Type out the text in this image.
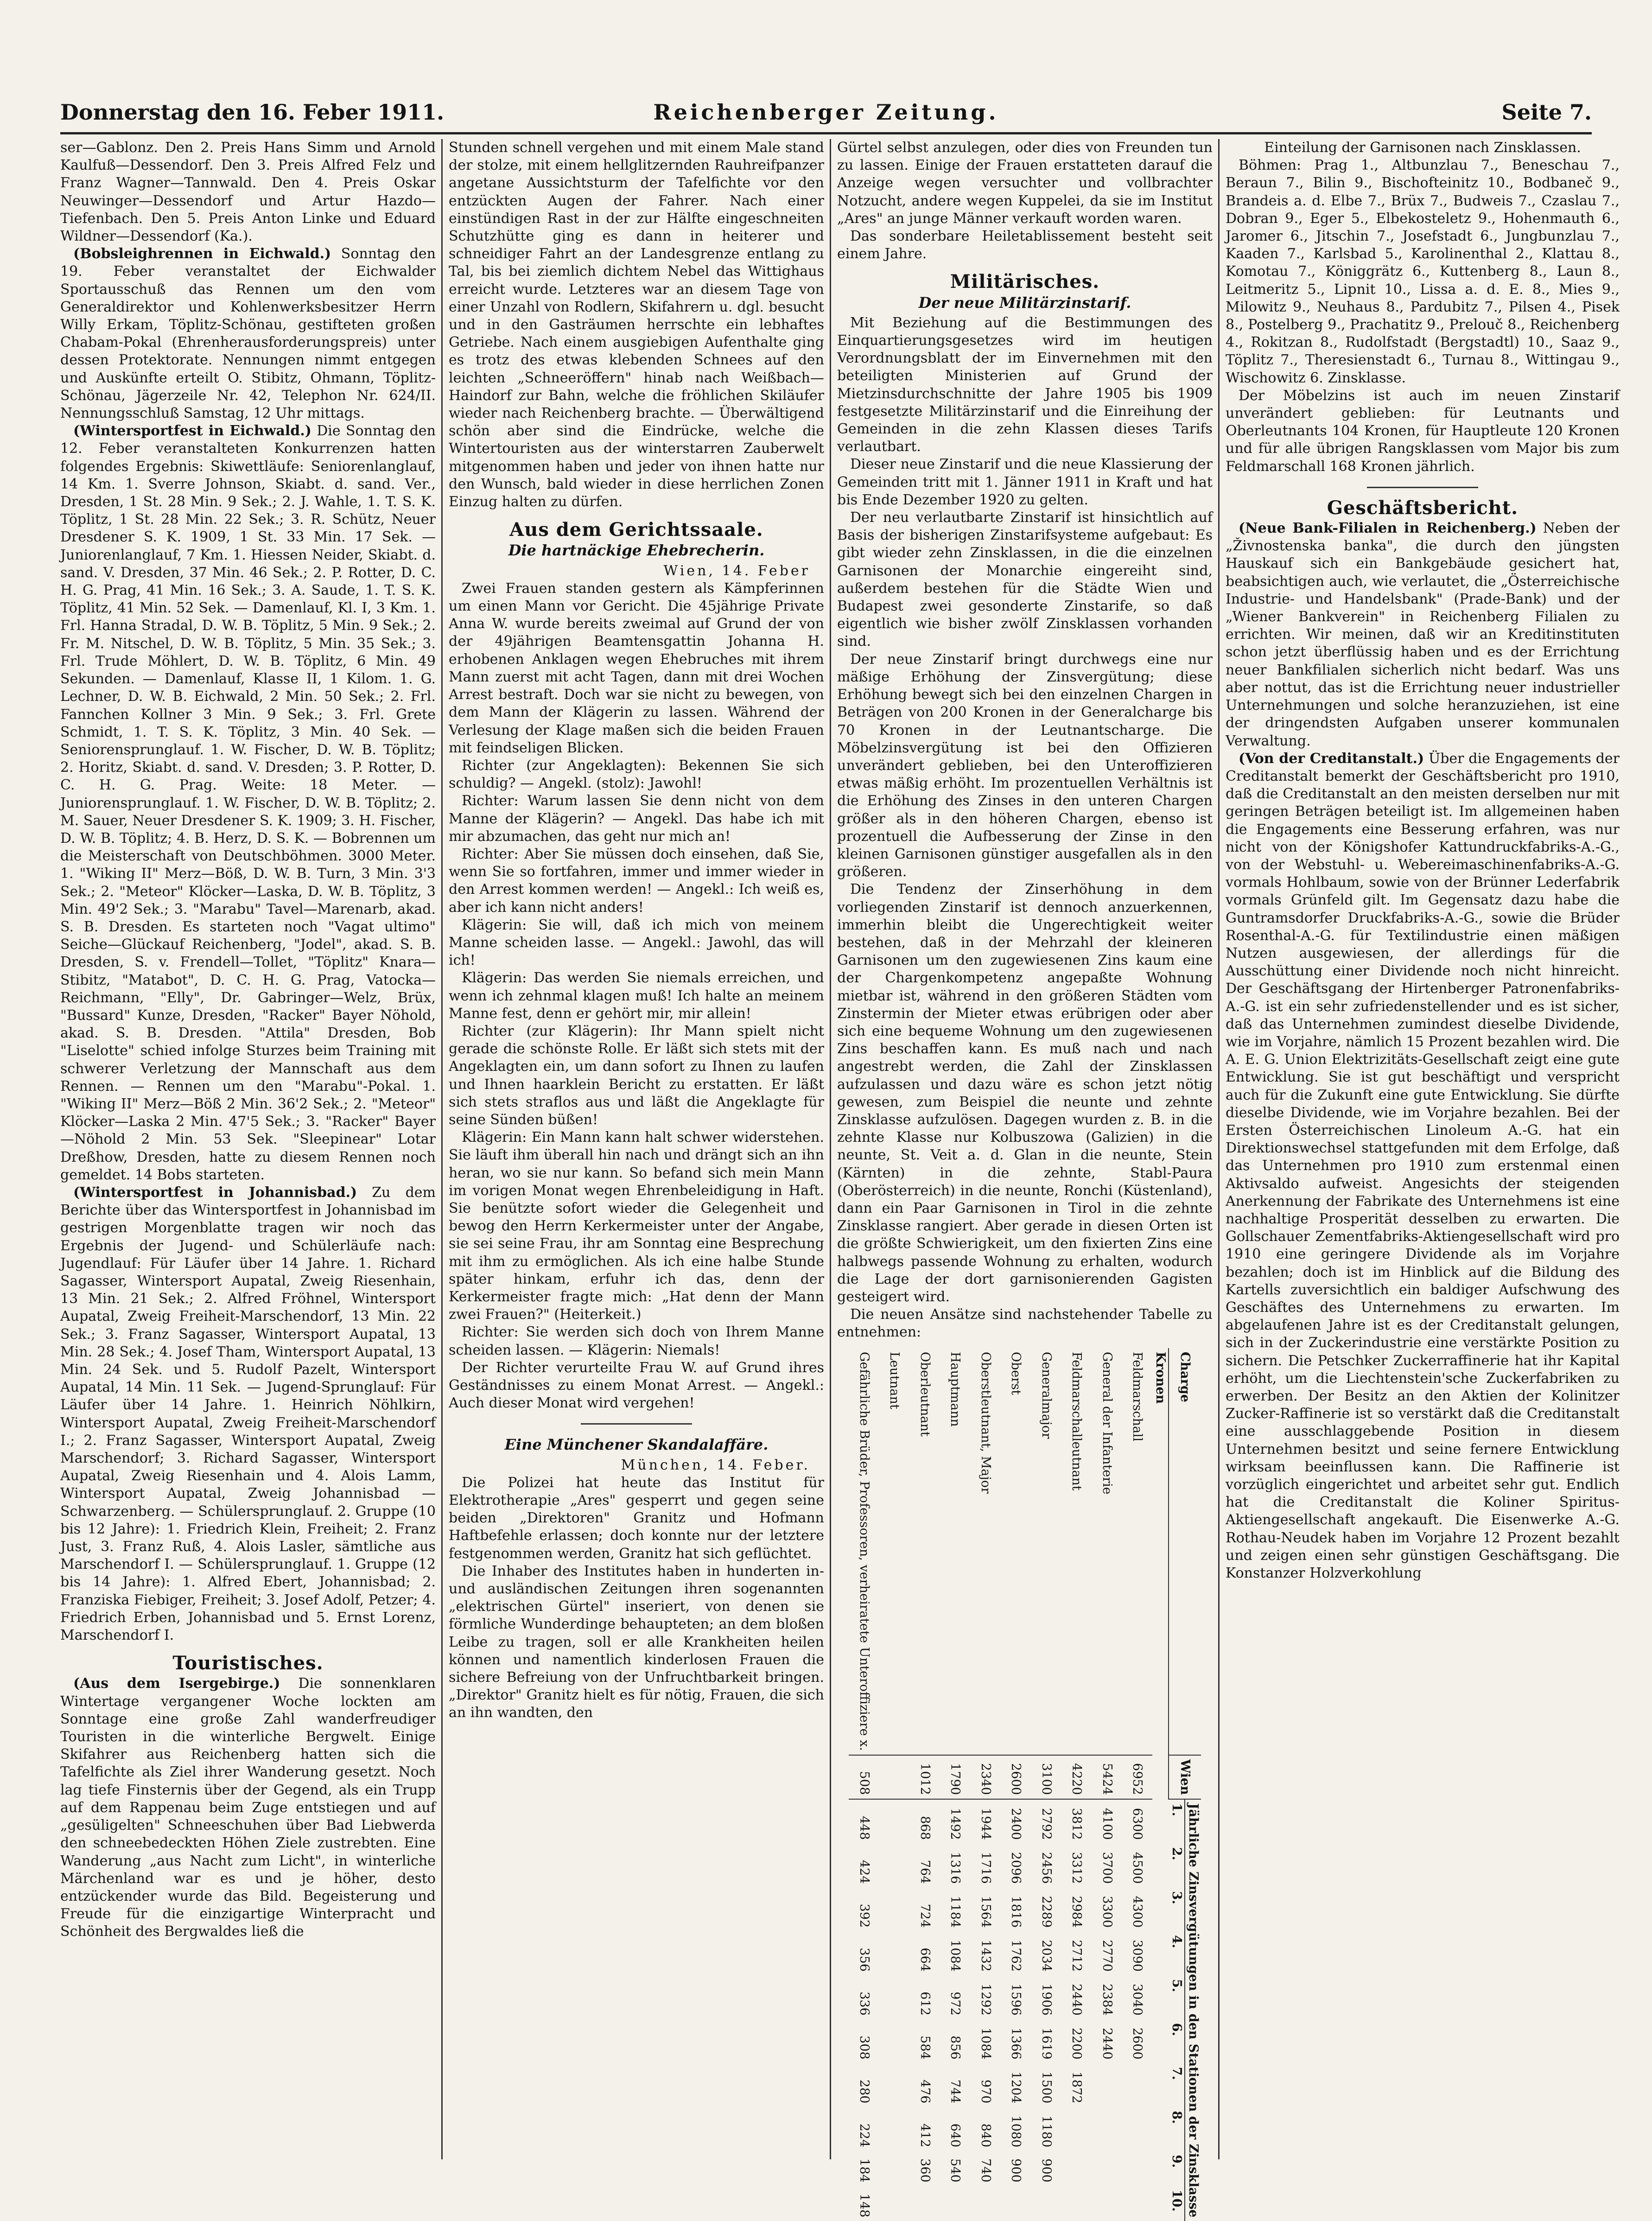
Donnerstag den 16. Feber 1911.	Reichenberger Zeitung.	Seite 7.

ser—Gablonz. Den 2. Preis Hans Simm und Arnold Kaulfuß—Dessendorf. Den 3. Preis Alfred Felz und Franz Wagner—Tannwald. Den 4. Preis Oskar Neuwinger—Dessendorf und Artur Hazdo—Tiefenbach. Den 5. Preis Anton Linke und Eduard Wildner—Dessendorf (Ka.).

(Bobsleighrennen in Eichwald.) Sonntag den 19. Feber veranstaltet der Eichwalder Sportausschuß das Rennen um den vom Generaldirektor und Kohlenwerksbesitzer Herrn Willy Erkam, Töplitz-Schönau, gestifteten großen Chabam-Pokal (Ehrenherausforderungspreis) unter dessen Protektorate. Nennungen nimmt entgegen und Auskünfte erteilt O. Stibitz, Ohmann, Töplitz-Schönau, Jägerzeile Nr. 42, Telephon Nr. 624/II. Nennungsschluß Samstag, 12 Uhr mittags.

(Wintersportfest in Eichwald.) Die Sonntag den 12. Feber veranstalteten Konkurrenzen hatten folgendes Ergebnis: Skiwettläufe: Seniorenlanglauf, 14 Km. 1. Sverre Johnson, Skiabt. d. sand. Ver., Dresden, 1 St. 28 Min. 9 Sek.; 2. J. Wahle, 1. T. S. K. Töplitz, 1 St. 28 Min. 22 Sek.; 3. R. Schütz, Neuer Dresdener S. K. 1909, 1 St. 33 Min. 17 Sek. — Juniorenlanglauf, 7 Km. 1. Hiessen Neider, Skiabt. d. sand. V. Dresden, 37 Min. 46 Sek.; 2. P. Rotter, D. C. H. G. Prag, 41 Min. 16 Sek.; 3. A. Saude, 1. T. S. K. Töplitz, 41 Min. 52 Sek. — Damenlauf, Kl. I, 3 Km. 1. Frl. Hanna Stradal, D. W. B. Töplitz, 5 Min. 9 Sek.; 2. Fr. M. Nitschel, D. W. B. Töplitz, 5 Min. 35 Sek.; 3. Frl. Trude Möhlert, D. W. B. Töplitz, 6 Min. 49 Sekunden. — Damenlauf, Klasse II, 1 Kilom. 1. G. Lechner, D. W. B. Eichwald, 2 Min. 50 Sek.; 2. Frl. Fannchen Kollner 3 Min. 9 Sek.; 3. Frl. Grete Schmidt, 1. T. S. K. Töplitz, 3 Min. 40 Sek. — Seniorensprunglauf. 1. W. Fischer, D. W. B. Töplitz; 2. Horitz, Skiabt. d. sand. V. Dresden; 3. P. Rotter, D. C. H. G. Prag. Weite: 18 Meter. — Juniorensprunglauf. 1. W. Fischer, D. W. B. Töplitz; 2. M. Sauer, Neuer Dresdener S. K. 1909; 3. H. Fischer, D. W. B. Töplitz; 4. B. Herz, D. S. K. — Bobrennen um die Meisterschaft von Deutschböhmen. 3000 Meter. 1. "Wiking II" Merz—Böß, D. W. B. Turn, 3 Min. 3'3 Sek.; 2. "Meteor" Klöcker—Laska, D. W. B. Töplitz, 3 Min. 49'2 Sek.; 3. "Marabu" Tavel—Marenarb, akad. S. B. Dresden. Es starteten noch "Vagat ultimo" Seiche—Glückauf Reichenberg, "Jodel", akad. S. B. Dresden, S. v. Frendell—Tollet, "Töplitz" Knara—Stibitz, "Matabot", D. C. H. G. Prag, Vatocka—Reichmann, "Elly", Dr. Gabringer—Welz, Brüx, "Bussard" Kunze, Dresden, "Racker" Bayer Nöhold, akad. S. B. Dresden. "Attila" Dresden, Bob "Liselotte" schied infolge Sturzes beim Training mit schwerer Verletzung der Mannschaft aus dem Rennen. — Rennen um den "Marabu"-Pokal. 1. "Wiking II" Merz—Böß 2 Min. 36'2 Sek.; 2. "Meteor" Klöcker—Laska 2 Min. 47'5 Sek.; 3. "Racker" Bayer—Nöhold 2 Min. 53 Sek. "Sleepinear" Lotar Dreßhow, Dresden, hatte zu diesem Rennen noch gemeldet. 14 Bobs starteten.

(Wintersportfest in Johannisbad.) Zu dem Berichte über das Wintersportfest in Johannisbad im gestrigen Morgenblatte tragen wir noch das Ergebnis der Jugend- und Schülerläufe nach: Jugendlauf: Für Läufer über 14 Jahre. 1. Richard Sagasser, Wintersport Aupatal, Zweig Riesenhain, 13 Min. 21 Sek.; 2. Alfred Fröhnel, Wintersport Aupatal, Zweig Freiheit-Marschendorf, 13 Min. 22 Sek.; 3. Franz Sagasser, Wintersport Aupatal, 13 Min. 28 Sek.; 4. Josef Tham, Wintersport Aupatal, 13 Min. 24 Sek. und 5. Rudolf Pazelt, Wintersport Aupatal, 14 Min. 11 Sek. — Jugend-Sprunglauf: Für Läufer über 14 Jahre. 1. Heinrich Nöhlkirn, Wintersport Aupatal, Zweig Freiheit-Marschendorf I.; 2. Franz Sagasser, Wintersport Aupatal, Zweig Marschendorf; 3. Richard Sagasser, Wintersport Aupatal, Zweig Riesenhain und 4. Alois Lamm, Wintersport Aupatal, Zweig Johannisbad — Schwarzenberg. — Schülersprunglauf. 2. Gruppe (10 bis 12 Jahre): 1. Friedrich Klein, Freiheit; 2. Franz Just, 3. Franz Ruß, 4. Alois Lasler, sämtliche aus Marschendorf I. — Schülersprunglauf. 1. Gruppe (12 bis 14 Jahre): 1. Alfred Ebert, Johannisbad; 2. Franziska Fiebiger, Freiheit; 3. Josef Adolf, Petzer; 4. Friedrich Erben, Johannisbad und 5. Ernst Lorenz, Marschendorf I.

Touristisches.

(Aus dem Isergebirge.) Die sonnenklaren Wintertage vergangener Woche lockten am Sonntage eine große Zahl wanderfreudiger Touristen in die winterliche Bergwelt. Einige Skifahrer aus Reichenberg hatten sich die Tafelfichte als Ziel ihrer Wanderung gesetzt. Noch lag tiefe Finsternis über der Gegend, als ein Trupp auf dem Rappenau beim Zuge entstiegen und auf „gesüligelten" Schneeschuhen über Bad Liebwerda den schneebedeckten Höhen Ziele zustrebten. Eine Wanderung „aus Nacht zum Licht", in winterliche Märchenland war es und je höher, desto entzückender wurde das Bild. Begeisterung und Freude für die einzigartige Winterpracht und Schönheit des Bergwaldes ließ die

Stunden schnell vergehen und mit einem Male stand der stolze, mit einem hellglitzernden Rauhreifpanzer angetane Aussichtsturm der Tafelfichte vor den entzückten Augen der Fahrer. Nach einer einstündigen Rast in der zur Hälfte eingeschneiten Schutzhütte ging es dann in heiterer und schneidiger Fahrt an der Landesgrenze entlang zu Tal, bis bei ziemlich dichtem Nebel das Wittighaus erreicht wurde. Letzteres war an diesem Tage von einer Unzahl von Rodlern, Skifahrern u. dgl. besucht und in den Gasträumen herrschte ein lebhaftes Getriebe. Nach einem ausgiebigen Aufenthalte ging es trotz des etwas klebenden Schnees auf den leichten „Schneeröffern" hinab nach Weißbach—Haindorf zur Bahn, welche die fröhlichen Skiläufer wieder nach Reichenberg brachte. — Überwältigend schön aber sind die Eindrücke, welche die Wintertouristen aus der winterstarren Zauberwelt mitgenommen haben und jeder von ihnen hatte nur den Wunsch, bald wieder in diese herrlichen Zonen Einzug halten zu dürfen.

Aus dem Gerichtssaale.
Die hartnäckige Ehebrecherin.
Wien, 14. Feber

Zwei Frauen standen gestern als Kämpferinnen um einen Mann vor Gericht. Die 45jährige Private Anna W. wurde bereits zweimal auf Grund der von der 49jährigen Beamtensgattin Johanna H. erhobenen Anklagen wegen Ehebruches mit ihrem Mann zuerst mit acht Tagen, dann mit drei Wochen Arrest bestraft. Doch war sie nicht zu bewegen, von dem Mann der Klägerin zu lassen. Während der Verlesung der Klage maßen sich die beiden Frauen mit feindseligen Blicken.

Richter (zur Angeklagten): Bekennen Sie sich schuldig? — Angekl. (stolz): Jawohl!

Richter: Warum lassen Sie denn nicht von dem Manne der Klägerin? — Angekl. Das habe ich mit mir abzumachen, das geht nur mich an!

Richter: Aber Sie müssen doch einsehen, daß Sie, wenn Sie so fortfahren, immer und immer wieder in den Arrest kommen werden! — Angekl.: Ich weiß es, aber ich kann nicht anders!

Klägerin: Sie will, daß ich mich von meinem Manne scheiden lasse. — Angekl.: Jawohl, das will ich!

Klägerin: Das werden Sie niemals erreichen, und wenn ich zehnmal klagen muß! Ich halte an meinem Manne fest, denn er gehört mir, mir allein!

Richter (zur Klägerin): Ihr Mann spielt nicht gerade die schönste Rolle. Er läßt sich stets mit der Angeklagten ein, um dann sofort zu Ihnen zu laufen und Ihnen haarklein Bericht zu erstatten. Er läßt sich stets straflos aus und läßt die Angeklagte für seine Sünden büßen!

Klägerin: Ein Mann kann halt schwer widerstehen. Sie läuft ihm überall hin nach und drängt sich an ihn heran, wo sie nur kann. So befand sich mein Mann im vorigen Monat wegen Ehrenbeleidigung in Haft. Sie benützte sofort wieder die Gelegenheit und bewog den Herrn Kerkermeister unter der Angabe, sie sei seine Frau, ihr am Sonntag eine Besprechung mit ihm zu ermöglichen. Als ich eine halbe Stunde später hinkam, erfuhr ich das, denn der Kerkermeister fragte mich: „Hat denn der Mann zwei Frauen?" (Heiterkeit.)

Richter: Sie werden sich doch von Ihrem Manne scheiden lassen. — Klägerin: Niemals!

Der Richter verurteilte Frau W. auf Grund ihres Geständnisses zu einem Monat Arrest. — Angekl.: Auch dieser Monat wird vergehen!

Eine Münchener Skandalaffäre.
München, 14. Feber.

Die Polizei hat heute das Institut für Elektrotherapie „Ares" gesperrt und gegen seine beiden „Direktoren" Granitz und Hofmann Haftbefehle erlassen; doch konnte nur der letztere festgenommen werden, Granitz hat sich geflüchtet.

Die Inhaber des Institutes haben in hunderten in- und ausländischen Zeitungen ihren sogenannten „elektrischen Gürtel" inseriert, von denen sie förmliche Wunderdinge behaupteten; an dem bloßen Leibe zu tragen, soll er alle Krankheiten heilen können und namentlich kinderlosen Frauen die sichere Befreiung von der Unfruchtbarkeit bringen. „Direktor" Granitz hielt es für nötig, Frauen, die sich an ihn wandten, den

Gürtel selbst anzulegen, oder dies von Freunden tun zu lassen. Einige der Frauen erstatteten darauf die Anzeige wegen versuchter und vollbrachter Notzucht, andere wegen Kuppelei, da sie im Institut „Ares" an junge Männer verkauft worden waren.

Das sonderbare Heiletablissement besteht seit einem Jahre.

Militärisches.
Der neue Militärzinstarif.

Mit Beziehung auf die Bestimmungen des Einquartierungsgesetzes wird im heutigen Verordnungsblatt der im Einvernehmen mit den beteiligten Ministerien auf Grund der Mietzinsdurchschnitte der Jahre 1905 bis 1909 festgesetzte Militärzinstarif und die Einreihung der Gemeinden in die zehn Klassen dieses Tarifs verlautbart.

Dieser neue Zinstarif und die neue Klassierung der Gemeinden tritt mit 1. Jänner 1911 in Kraft und hat bis Ende Dezember 1920 zu gelten.

Der neu verlautbarte Zinstarif ist hinsichtlich auf Basis der bisherigen Zinstarifsysteme aufgebaut: Es gibt wieder zehn Zinsklassen, in die die einzelnen Garnisonen der Monarchie eingereiht sind, außerdem bestehen für die Städte Wien und Budapest zwei gesonderte Zinstarife, so daß eigentlich wie bisher zwölf Zinsklassen vorhanden sind.

Der neue Zinstarif bringt durchwegs eine nur mäßige Erhöhung der Zinsvergütung; diese Erhöhung bewegt sich bei den einzelnen Chargen in Beträgen von 200 Kronen in der Generalcharge bis 70 Kronen in der Leutnantscharge. Die Möbelzinsvergütung ist bei den Offizieren unverändert geblieben, bei den Unteroffizieren etwas mäßig erhöht. Im prozentuellen Verhältnis ist die Erhöhung des Zinses in den unteren Chargen größer als in den höheren Chargen, ebenso ist prozentuell die Aufbesserung der Zinse in den kleinen Garnisonen günstiger ausgefallen als in den größeren.

Die Tendenz der Zinserhöhung in dem vorliegenden Zinstarif ist dennoch anzuerkennen, immerhin bleibt die Ungerechtigkeit weiter bestehen, daß in der Mehrzahl der kleineren Garnisonen um den zugewiesenen Zins kaum eine der Chargenkompetenz angepaßte Wohnung mietbar ist, während in den größeren Städten vom Zinstermin der Mieter etwas erübrigen oder aber sich eine bequeme Wohnung um den zugewiesenen Zins beschaffen kann. Es muß nach und nach angestrebt werden, die Zahl der Zinsklassen aufzulassen und dazu wäre es schon jetzt nötig gewesen, zum Beispiel die neunte und zehnte Zinsklasse aufzulösen. Dagegen wurden z. B. in die zehnte Klasse nur Kolbuszowa (Galizien) in die neunte, St. Veit a. d. Glan in die neunte, Stein (Kärnten) in die zehnte, Stabl-Paura (Oberösterreich) in die neunte, Ronchi (Küstenland), dann ein Paar Garnisonen in Tirol in die zehnte Zinsklasse rangiert. Aber gerade in diesen Orten ist die größte Schwierigkeit, um den fixierten Zins eine halbwegs passende Wohnung zu erhalten, wodurch die Lage der dort garnisonierenden Gagisten gesteigert wird.

Die neuen Ansätze sind nachstehender Tabelle zu entnehmen:

Charge	Wien	Jährliche Zinsvergütungen in den Stationen der Zinsklasse									
		1.	2.	3.	4.	5.	6.	7.	8.	9.	10.
Kronen											
Feldmarschall	6952	6300	4500	4300	3090	3040	2600				
General der Infanterie	5424	4100	3700	3300	2770	2384	2440				
Feldmarschalleutnant	4220	3812	3312	2984	2712	2440	2200	1872			
Generalmajor	3100	2792	2456	2289	2034	1906	1619	1500	1180	900	
Oberst	2600	2400	2096	1816	1762	1596	1366	1204	1080	900	
Oberstleutnant, Major	2340	1944	1716	1564	1432	1292	1084	970	840	740	
Hauptmann	1790	1492	1316	1184	1084	972	856	744	640	540	
Oberleutnant	1012	868	764	724	664	612	584	476	412	360	
Leutnant											
Gefährliche Brüder, Professoren, verheiratete Unteroffiziere x.	508	448	424	392	356	336	308	280	224	184	148

Einteilung der Garnisonen nach Zinsklassen.

Böhmen: Prag 1., Altbunzlau 7., Beneschau 7., Beraun 7., Bilin 9., Bischofteinitz 10., Bodbaneč 9., Brandeis a. d. Elbe 7., Brüx 7., Budweis 7., Czaslau 7., Dobran 9., Eger 5., Elbekosteletz 9., Hohenmauth 6., Jaromer 6., Jitschin 7., Josefstadt 6., Jungbunzlau 7., Kaaden 7., Karlsbad 5., Karolinenthal 2., Klattau 8., Komotau 7., Königgrätz 6., Kuttenberg 8., Laun 8., Leitmeritz 5., Lipnit 10., Lissa a. d. E. 8., Mies 9., Milowitz 9., Neuhaus 8., Pardubitz 7., Pilsen 4., Pisek 8., Postelberg 9., Prachatitz 9., Prelouč 8., Reichenberg 4., Rokitzan 8., Rudolfstadt (Bergstadtl) 10., Saaz 9., Töplitz 7., Theresienstadt 6., Turnau 8., Wittingau 9., Wischowitz 6. Zinsklasse.

Der Möbelzins ist auch im neuen Zinstarif unverändert geblieben: für Leutnants und Oberleutnants 104 Kronen, für Hauptleute 120 Kronen und für alle übrigen Rangsklassen vom Major bis zum Feldmarschall 168 Kronen jährlich.

Geschäftsbericht.

(Neue Bank-Filialen in Reichenberg.) Neben der „Živnostenska banka", die durch den jüngsten Hauskauf sich ein Bankgebäude gesichert hat, beabsichtigen auch, wie verlautet, die „Österreichische Industrie- und Handelsbank" (Prade-Bank) und der „Wiener Bankverein" in Reichenberg Filialen zu errichten. Wir meinen, daß wir an Kreditinstituten schon jetzt überflüssig haben und es der Errichtung neuer Bankfilialen sicherlich nicht bedarf. Was uns aber nottut, das ist die Errichtung neuer industrieller Unternehmungen und solche heranzuziehen, ist eine der dringendsten Aufgaben unserer kommunalen Verwaltung.

(Von der Creditanstalt.) Über die Engagements der Creditanstalt bemerkt der Geschäftsbericht pro 1910, daß die Creditanstalt an den meisten derselben nur mit geringen Beträgen beteiligt ist. Im allgemeinen haben die Engagements eine Besserung erfahren, was nur nicht von der Königshofer Kattundruckfabriks-A.-G., von der Webstuhl- u. Webereimaschinenfabriks-A.-G. vormals Hohlbaum, sowie von der Brünner Lederfabrik vormals Grünfeld gilt. Im Gegensatz dazu habe die Guntramsdorfer Druckfabriks-A.-G., sowie die Brüder Rosenthal-A.-G. für Textilindustrie einen mäßigen Nutzen ausgewiesen, der allerdings für die Ausschüttung einer Dividende noch nicht hinreicht. Der Geschäftsgang der Hirtenberger Patronenfabriks-A.-G. ist ein sehr zufriedenstellender und es ist sicher, daß das Unternehmen zumindest dieselbe Dividende, wie im Vorjahre, nämlich 15 Prozent bezahlen wird. Die A. E. G. Union Elektrizitäts-Gesellschaft zeigt eine gute Entwicklung. Sie ist gut beschäftigt und verspricht auch für die Zukunft eine gute Entwicklung. Sie dürfte dieselbe Dividende, wie im Vorjahre bezahlen. Bei der Ersten Österreichischen Linoleum A.-G. hat ein Direktionswechsel stattgefunden mit dem Erfolge, daß das Unternehmen pro 1910 zum erstenmal einen Aktivsaldo aufweist. Angesichts der steigenden Anerkennung der Fabrikate des Unternehmens ist eine nachhaltige Prosperität desselben zu erwarten. Die Gollschauer Zementfabriks-Aktiengesellschaft wird pro 1910 eine geringere Dividende als im Vorjahre bezahlen; doch ist im Hinblick auf die Bildung des Kartells zuversichtlich ein baldiger Aufschwung des Geschäftes des Unternehmens zu erwarten. Im abgelaufenen Jahre ist es der Creditanstalt gelungen, sich in der Zuckerindustrie eine verstärkte Position zu sichern. Die Petschker Zuckerraffinerie hat ihr Kapital erhöht, um die Liechtenstein'sche Zuckerfabriken zu erwerben. Der Besitz an den Aktien der Kolinitzer Zucker-Raffinerie ist so verstärkt daß die Creditanstalt eine ausschlaggebende Position in diesem Unternehmen besitzt und seine fernere Entwicklung wirksam beeinflussen kann. Die Raffinerie ist vorzüglich eingerichtet und arbeitet sehr gut. Endlich hat die Creditanstalt die Koliner Spiritus-Aktiengesellschaft angekauft. Die Eisenwerke A.-G. Rothau-Neudek haben im Vorjahre 12 Prozent bezahlt und zeigen einen sehr günstigen Geschäftsgang. Die Konstanzer Holzverkohlung
